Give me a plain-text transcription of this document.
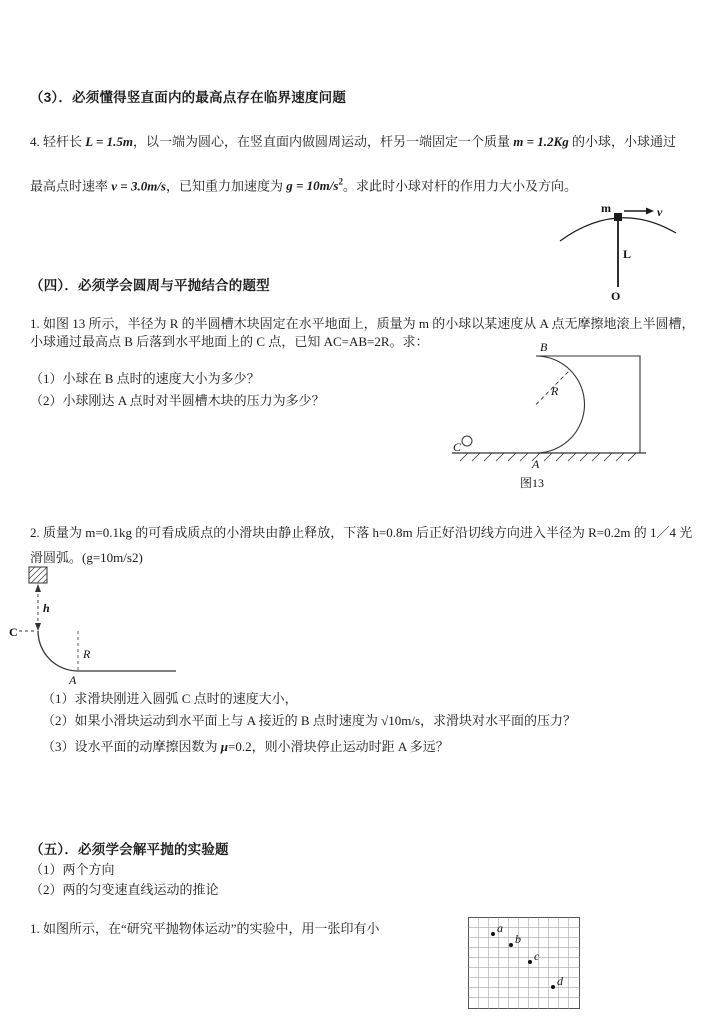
（3）．必须懂得竖直面内的最高点存在临界速度问题
4. 轻杆长 L = 1.5m，以一端为圆心，在竖直面内做圆周运动，杆另一端固定一个质量 m = 1.2Kg 的小球，小球通过
最高点时速率 v = 3.0m/s，已知重力加速度为 $g = 10m/s^2$。求此时小球对杆的作用力大小及方向。
m	v
L
O
（四）．必须学会圆周与平抛结合的题型
1. 如图 13 所示，半径为 R 的半圆槽木块固定在水平地面上，质量为 m 的小球以某速度从 A 点无摩擦地滚上半圆槽，
小球通过最高点 B 后落到水平地面上的 C 点，已知 AC=AB=2R。求：
（1）小球在 B 点时的速度大小为多少？
（2）小球刚达 A 点时对半圆槽木块的压力为多少？
B
R
C
A
图13
2. 质量为 m=0.1kg 的可看成质点的小滑块由静止释放，下落 h=0.8m 后正好沿切线方向进入半径为 R=0.2m 的 1／4 光
滑圆弧。(g=10m/s2)
h
C
R
A
（1）求滑块刚进入圆弧 C 点时的速度大小，
（2）如果小滑块运动到水平面上与 A 接近的 B 点时速度为 √10m/s，求滑块对水平面的压力？
（3）设水平面的动摩擦因数为 μ=0.2，则小滑块停止运动时距 A 多远？
（五）．必须学会解平抛的实验题
（1）两个方向
（2）两的匀变速直线运动的推论
1. 如图所示，在“研究平抛物体运动”的实验中，用一张印有小	a
b
c
d
